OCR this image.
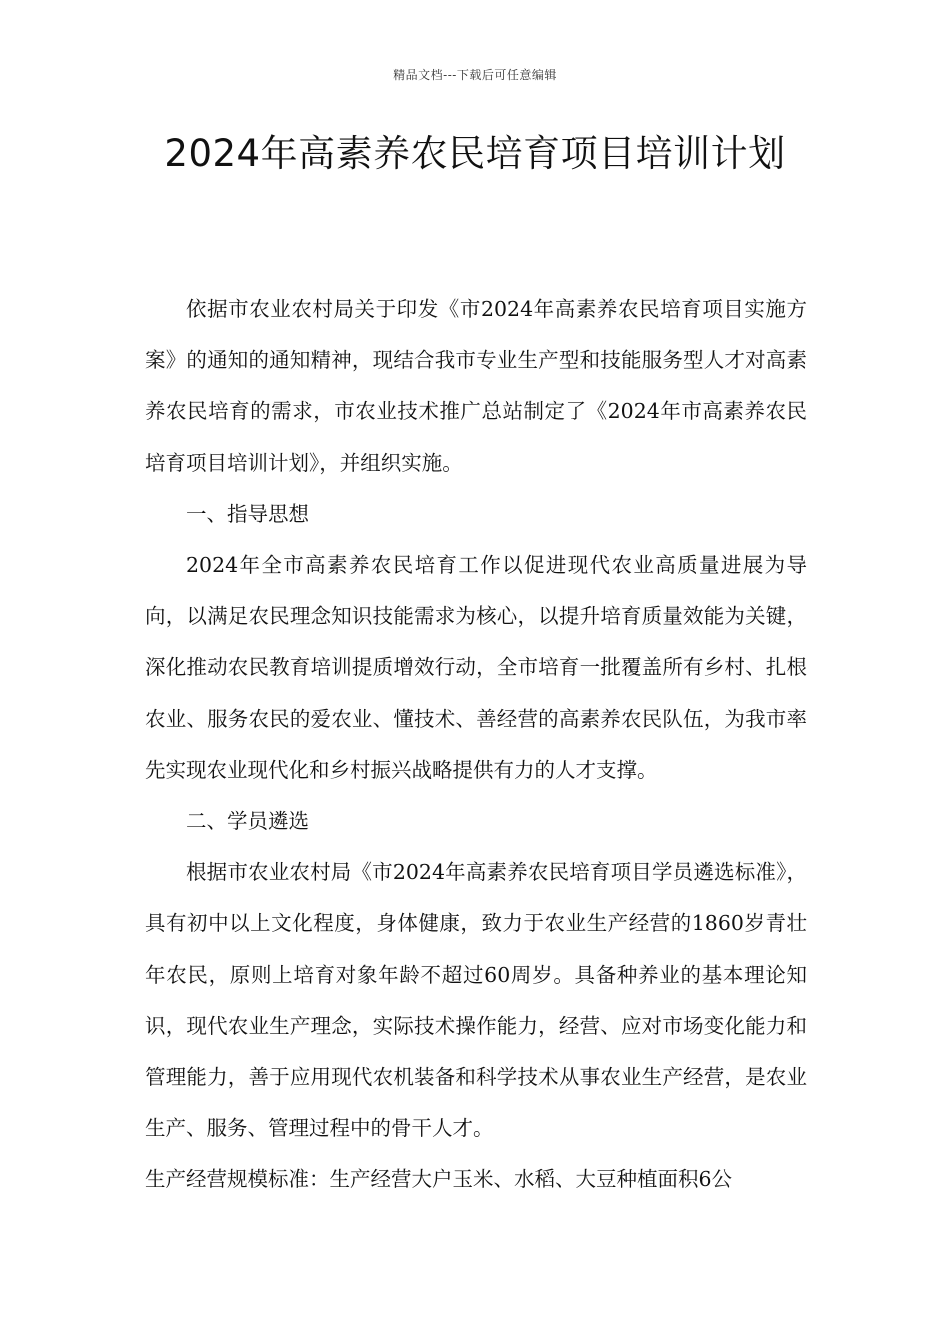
精品文档---下载后可任意编辑
2024年高素养农民培育项目培训计划

依据市农业农村局关于印发《市2024年高素养农民培育项目实施方案》的通知的通知精神，现结合我市专业生产型和技能服务型人才对高素养农民培育的需求，市农业技术推广总站制定了《2024年市高素养农民培育项目培训计划》，并组织实施。

一、指导思想

2024年全市高素养农民培育工作以促进现代农业高质量进展为导向，以满足农民理念知识技能需求为核心，以提升培育质量效能为关键，深化推动农民教育培训提质增效行动，全市培育一批覆盖所有乡村、扎根农业、服务农民的爱农业、懂技术、善经营的高素养农民队伍，为我市率先实现农业现代化和乡村振兴战略提供有力的人才支撑。

二、学员遴选

根据市农业农村局《市2024年高素养农民培育项目学员遴选标准》，具有初中以上文化程度，身体健康，致力于农业生产经营的1860岁青壮年农民，原则上培育对象年龄不超过60周岁。具备种养业的基本理论知识，现代农业生产理念，实际技术操作能力，经营、应对市场变化能力和管理能力，善于应用现代农机装备和科学技术从事农业生产经营，是农业生产、服务、管理过程中的骨干人才。

生产经营规模标准：生产经营大户玉米、水稻、大豆种植面积6公
